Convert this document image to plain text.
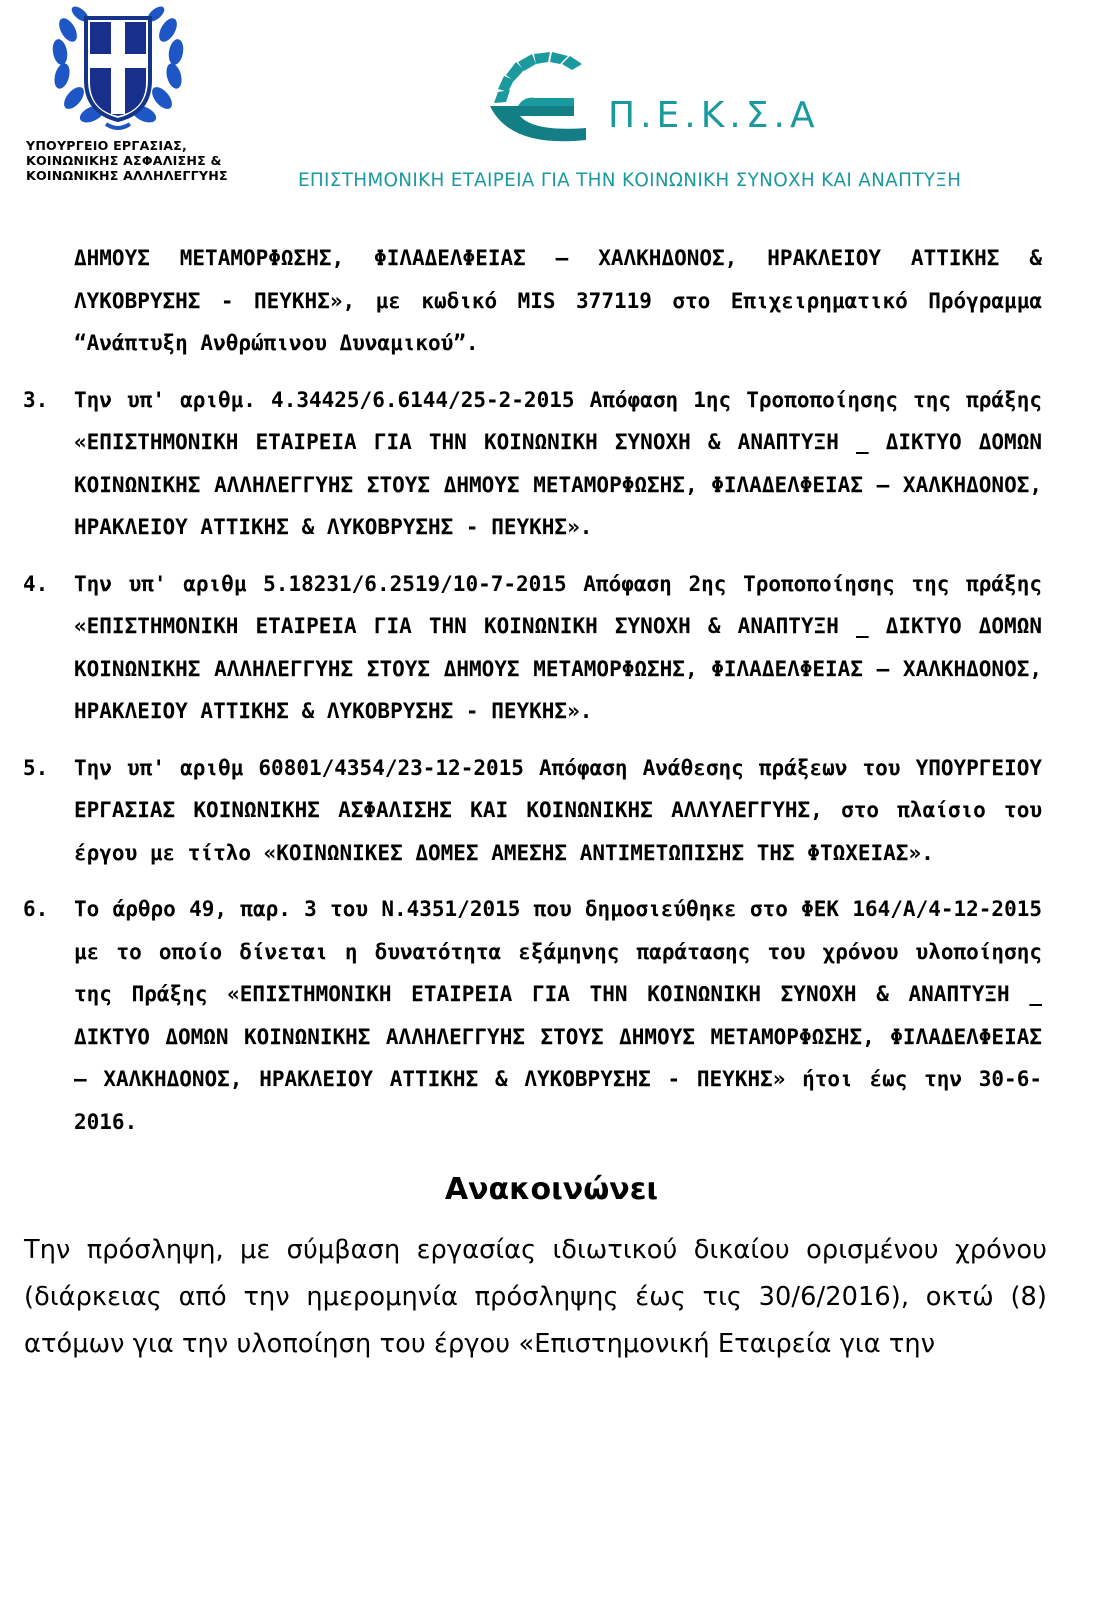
ΥΠΟΥΡΓΕΙΟ ΕΡΓΑΣΙΑΣ,
ΚΟΙΝΩΝΙΚΗΣ ΑΣΦΑΛΙΣΗΣ &
ΚΟΙΝΩΝΙΚΗΣ ΑΛΛΗΛΕΓΓΥΗΣ
Π.Ε.Κ.Σ.Α
ΕΠΙΣΤΗΜΟΝΙΚΗ ΕΤΑΙΡΕΙΑ ΓΙΑ ΤΗΝ ΚΟΙΝΩΝΙΚΗ ΣΥΝΟΧΗ ΚΑΙ ΑΝΑΠΤΥΞΗ
ΔΗΜΟΥΣ ΜΕΤΑΜΟΡΦΩΣΗΣ, ΦΙΛΑΔΕΛΦΕΙΑΣ – ΧΑΛΚΗΔΟΝΟΣ, ΗΡΑΚΛΕΙΟΥ ΑΤΤΙΚΗΣ & ΛΥΚΟΒΡΥΣΗΣ - ΠΕΥΚΗΣ», με κωδικό MIS 377119 στο Επιχειρηματικό Πρόγραμμα “Ανάπτυξη Ανθρώπινου Δυναμικού”.
3. Την υπ' αριθμ. 4.34425/6.6144/25-2-2015 Απόφαση 1ης Τροποποίησης της πράξης «ΕΠΙΣΤΗΜΟΝΙΚΗ ΕΤΑΙΡΕΙΑ ΓΙΑ ΤΗΝ ΚΟΙΝΩΝΙΚΗ ΣΥΝΟΧΗ & ΑΝΑΠΤΥΞΗ _ ΔΙΚΤΥΟ ΔΟΜΩΝ ΚΟΙΝΩΝΙΚΗΣ ΑΛΛΗΛΕΓΓΥΗΣ ΣΤΟΥΣ ΔΗΜΟΥΣ ΜΕΤΑΜΟΡΦΩΣΗΣ, ΦΙΛΑΔΕΛΦΕΙΑΣ – ΧΑΛΚΗΔΟΝΟΣ, ΗΡΑΚΛΕΙΟΥ ΑΤΤΙΚΗΣ & ΛΥΚΟΒΡΥΣΗΣ - ΠΕΥΚΗΣ».
4. Την υπ' αριθμ 5.18231/6.2519/10-7-2015 Απόφαση 2ης Τροποποίησης της πράξης «ΕΠΙΣΤΗΜΟΝΙΚΗ ΕΤΑΙΡΕΙΑ ΓΙΑ ΤΗΝ ΚΟΙΝΩΝΙΚΗ ΣΥΝΟΧΗ & ΑΝΑΠΤΥΞΗ _ ΔΙΚΤΥΟ ΔΟΜΩΝ ΚΟΙΝΩΝΙΚΗΣ ΑΛΛΗΛΕΓΓΥΗΣ ΣΤΟΥΣ ΔΗΜΟΥΣ ΜΕΤΑΜΟΡΦΩΣΗΣ, ΦΙΛΑΔΕΛΦΕΙΑΣ – ΧΑΛΚΗΔΟΝΟΣ, ΗΡΑΚΛΕΙΟΥ ΑΤΤΙΚΗΣ & ΛΥΚΟΒΡΥΣΗΣ - ΠΕΥΚΗΣ».
5. Την υπ' αριθμ 60801/4354/23-12-2015 Απόφαση Ανάθεσης πράξεων του ΥΠΟΥΡΓΕΙΟΥ ΕΡΓΑΣΙΑΣ ΚΟΙΝΩΝΙΚΗΣ ΑΣΦΑΛΙΣΗΣ ΚΑΙ ΚΟΙΝΩΝΙΚΗΣ ΑΛΛΥΛΕΓΓΥΗΣ, στο πλαίσιο του έργου με τίτλο «ΚΟΙΝΩΝΙΚΕΣ ΔΟΜΕΣ ΑΜΕΣΗΣ ΑΝΤΙΜΕΤΩΠΙΣΗΣ ΤΗΣ ΦΤΩΧΕΙΑΣ».
6. Το άρθρο 49, παρ. 3 του Ν.4351/2015 που δημοσιεύθηκε στο ΦΕΚ 164/Α/4-12-2015 με το οποίο δίνεται η δυνατότητα εξάμηνης παράτασης του χρόνου υλοποίησης της Πράξης «ΕΠΙΣΤΗΜΟΝΙΚΗ ΕΤΑΙΡΕΙΑ ΓΙΑ ΤΗΝ ΚΟΙΝΩΝΙΚΗ ΣΥΝΟΧΗ & ΑΝΑΠΤΥΞΗ _ ΔΙΚΤΥΟ ΔΟΜΩΝ ΚΟΙΝΩΝΙΚΗΣ ΑΛΛΗΛΕΓΓΥΗΣ ΣΤΟΥΣ ΔΗΜΟΥΣ ΜΕΤΑΜΟΡΦΩΣΗΣ, ΦΙΛΑΔΕΛΦΕΙΑΣ – ΧΑΛΚΗΔΟΝΟΣ, ΗΡΑΚΛΕΙΟΥ ΑΤΤΙΚΗΣ & ΛΥΚΟΒΡΥΣΗΣ - ΠΕΥΚΗΣ» ήτοι έως την 30-6-2016.
Ανακοινώνει
Την πρόσληψη, με σύμβαση εργασίας ιδιωτικού δικαίου ορισμένου χρόνου (διάρκειας από την ημερομηνία πρόσληψης έως τις 30/6/2016), οκτώ (8) ατόμων για την υλοποίηση του έργου «Επιστημονική Εταιρεία για την
